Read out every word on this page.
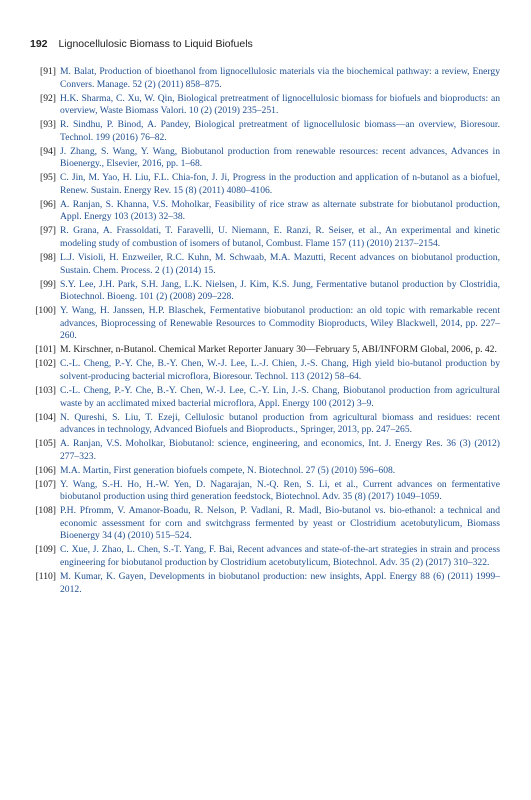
192 Lignocellulosic Biomass to Liquid Biofuels
[91] M. Balat, Production of bioethanol from lignocellulosic materials via the biochemical pathway: a review, Energy Convers. Manage. 52 (2) (2011) 858–875.
[92] H.K. Sharma, C. Xu, W. Qin, Biological pretreatment of lignocellulosic biomass for biofuels and bioproducts: an overview, Waste Biomass Valori. 10 (2) (2019) 235–251.
[93] R. Sindhu, P. Binod, A. Pandey, Biological pretreatment of lignocellulosic biomass—an overview, Bioresour. Technol. 199 (2016) 76–82.
[94] J. Zhang, S. Wang, Y. Wang, Biobutanol production from renewable resources: recent advances, Advances in Bioenergy., Elsevier, 2016, pp. 1–68.
[95] C. Jin, M. Yao, H. Liu, F.L. Chia-fon, J. Ji, Progress in the production and application of n-butanol as a biofuel, Renew. Sustain. Energy Rev. 15 (8) (2011) 4080–4106.
[96] A. Ranjan, S. Khanna, V.S. Moholkar, Feasibility of rice straw as alternate substrate for biobutanol production, Appl. Energy 103 (2013) 32–38.
[97] R. Grana, A. Frassoldati, T. Faravelli, U. Niemann, E. Ranzi, R. Seiser, et al., An experimental and kinetic modeling study of combustion of isomers of butanol, Combust. Flame 157 (11) (2010) 2137–2154.
[98] L.J. Visioli, H. Enzweiler, R.C. Kuhn, M. Schwaab, M.A. Mazutti, Recent advances on biobutanol production, Sustain. Chem. Process. 2 (1) (2014) 15.
[99] S.Y. Lee, J.H. Park, S.H. Jang, L.K. Nielsen, J. Kim, K.S. Jung, Fermentative butanol production by Clostridia, Biotechnol. Bioeng. 101 (2) (2008) 209–228.
[100] Y. Wang, H. Janssen, H.P. Blaschek, Fermentative biobutanol production: an old topic with remarkable recent advances, Bioprocessing of Renewable Resources to Commodity Bioproducts, Wiley Blackwell, 2014, pp. 227–260.
[101] M. Kirschner, n-Butanol. Chemical Market Reporter January 30—February 5, ABI/INFORM Global, 2006, p. 42.
[102] C.-L. Cheng, P.-Y. Che, B.-Y. Chen, W.-J. Lee, L.-J. Chien, J.-S. Chang, High yield bio-butanol production by solvent-producing bacterial microflora, Bioresour. Technol. 113 (2012) 58–64.
[103] C.-L. Cheng, P.-Y. Che, B.-Y. Chen, W.-J. Lee, C.-Y. Lin, J.-S. Chang, Biobutanol production from agricultural waste by an acclimated mixed bacterial microflora, Appl. Energy 100 (2012) 3–9.
[104] N. Qureshi, S. Liu, T. Ezeji, Cellulosic butanol production from agricultural biomass and residues: recent advances in technology, Advanced Biofuels and Bioproducts., Springer, 2013, pp. 247–265.
[105] A. Ranjan, V.S. Moholkar, Biobutanol: science, engineering, and economics, Int. J. Energy Res. 36 (3) (2012) 277–323.
[106] M.A. Martin, First generation biofuels compete, N. Biotechnol. 27 (5) (2010) 596–608.
[107] Y. Wang, S.-H. Ho, H.-W. Yen, D. Nagarajan, N.-Q. Ren, S. Li, et al., Current advances on fermentative biobutanol production using third generation feedstock, Biotechnol. Adv. 35 (8) (2017) 1049–1059.
[108] P.H. Pfromm, V. Amanor-Boadu, R. Nelson, P. Vadlani, R. Madl, Bio-butanol vs. bio-ethanol: a technical and economic assessment for corn and switchgrass fermented by yeast or Clostridium acetobutylicum, Biomass Bioenergy 34 (4) (2010) 515–524.
[109] C. Xue, J. Zhao, L. Chen, S.-T. Yang, F. Bai, Recent advances and state-of-the-art strategies in strain and process engineering for biobutanol production by Clostridium acetobutylicum, Biotechnol. Adv. 35 (2) (2017) 310–322.
[110] M. Kumar, K. Gayen, Developments in biobutanol production: new insights, Appl. Energy 88 (6) (2011) 1999–2012.
